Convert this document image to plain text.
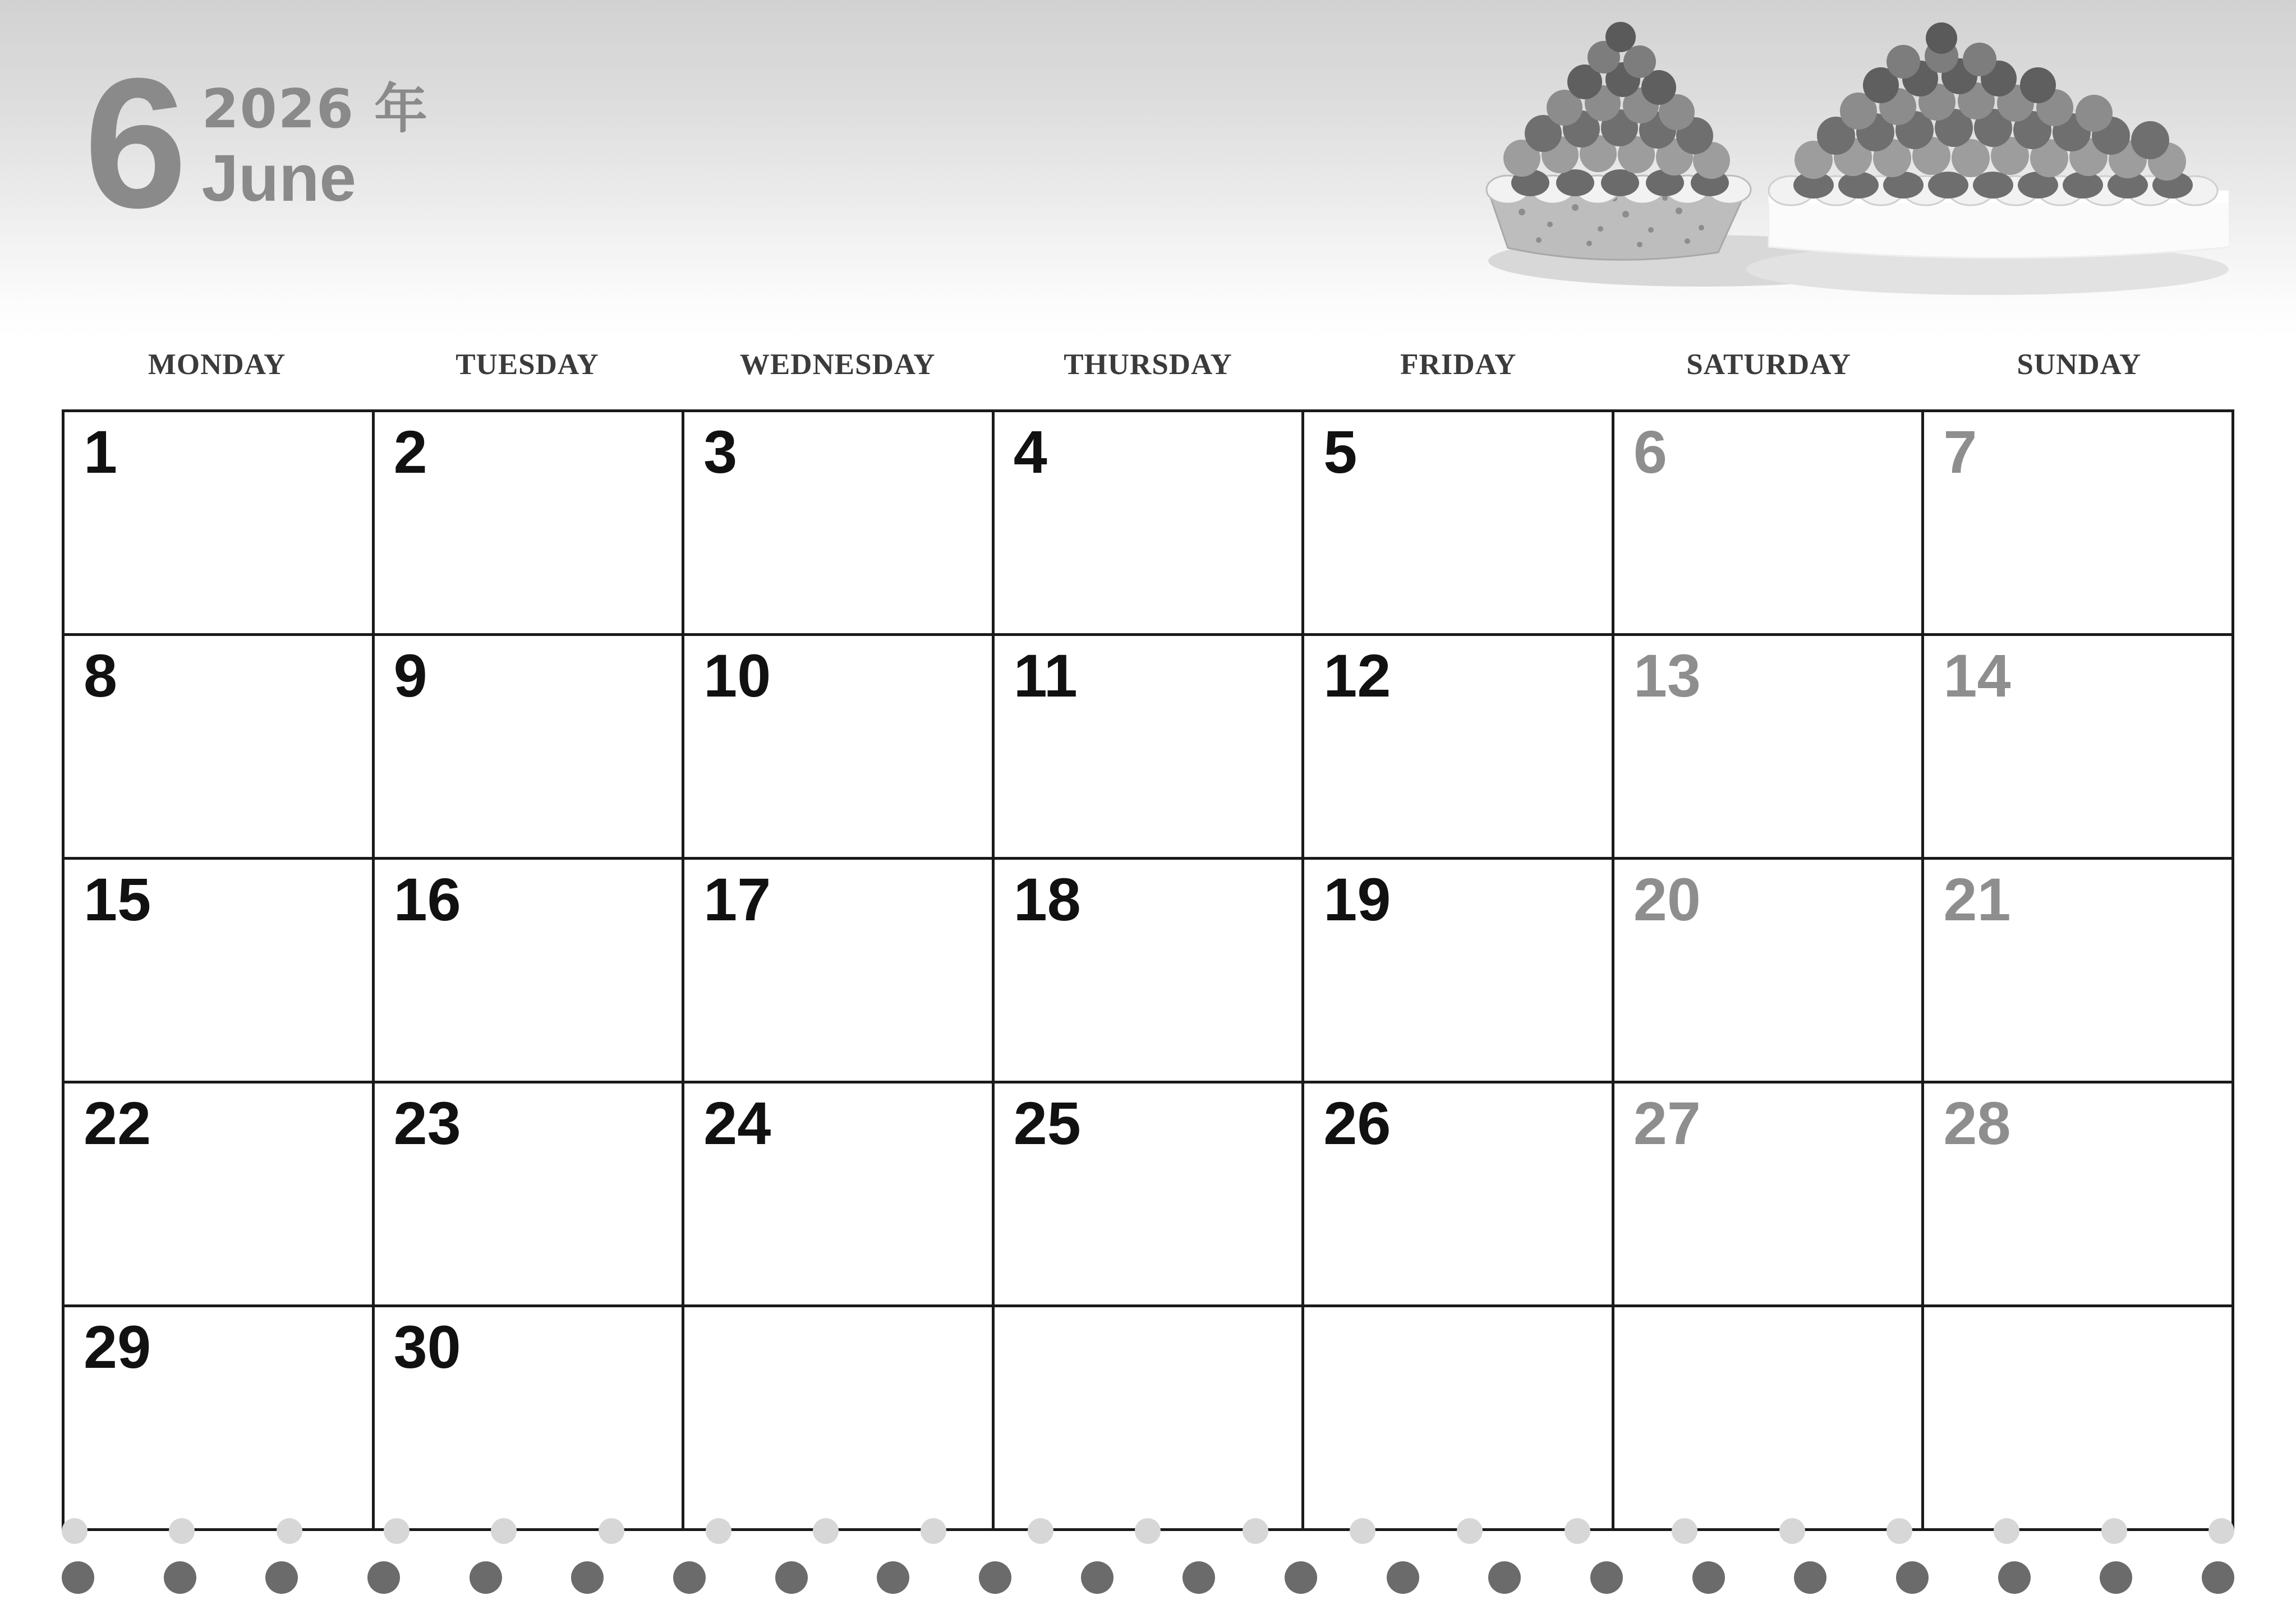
6 2026 年
June
MONDAY	TUESDAY	WEDNESDAY	THURSDAY	FRIDAY	SATURDAY	SUNDAY
1	2	3	4	5	6	7
8	9	10	11	12	13	14
15	16	17	18	19	20	21
22	23	24	25	26	27	28
29	30
